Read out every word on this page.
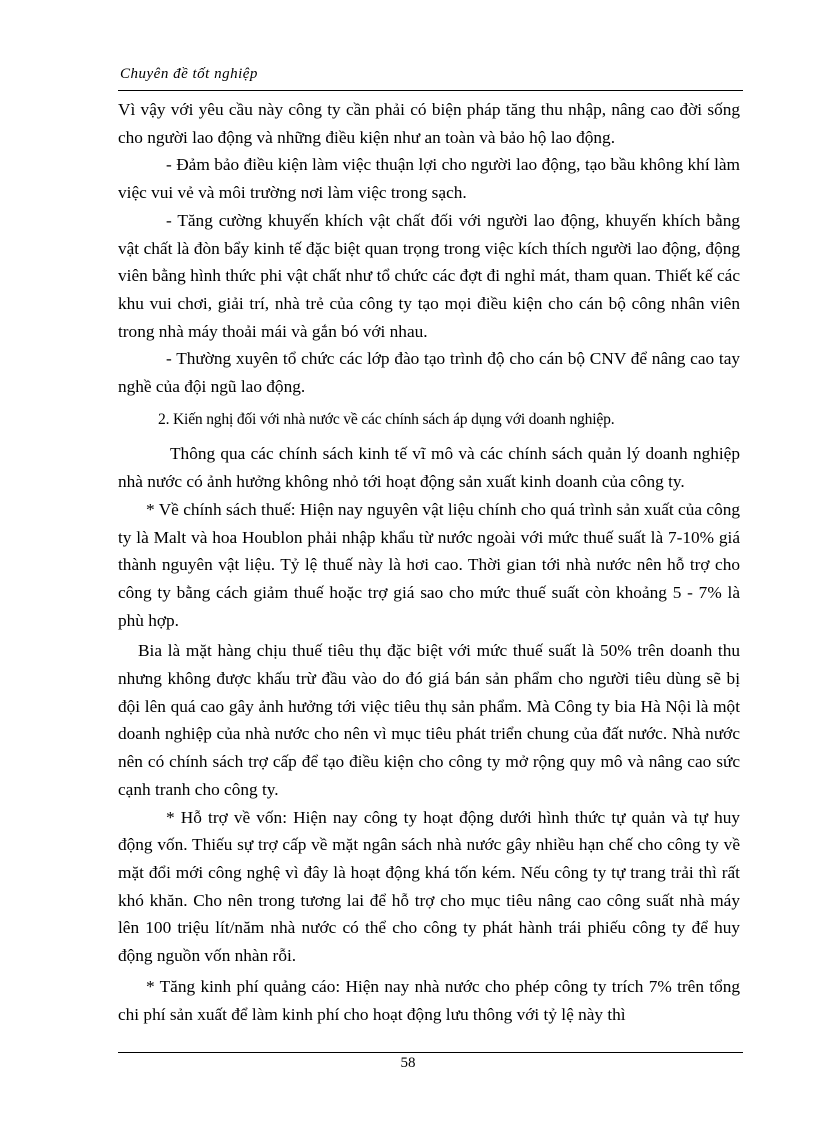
Chuyên đề tốt nghiệp

Vì vậy với yêu cầu này công ty cần phải có biện pháp tăng thu nhập, nâng cao đời sống cho người lao động và những điều kiện như an toàn và bảo hộ lao động.

- Đảm bảo điều kiện làm việc thuận lợi cho người lao động, tạo bầu không khí làm việc vui vẻ và môi trường nơi làm việc trong sạch.

- Tăng cường khuyến khích vật chất đối với người lao động, khuyến khích bằng vật chất là đòn bẩy kinh tế đặc biệt quan trọng trong việc kích thích người lao động, động viên bằng hình thức phi vật chất như tổ chức các đợt đi nghỉ mát, tham quan. Thiết kế các khu vui chơi, giải trí, nhà trẻ của công ty tạo mọi điều kiện cho cán bộ công nhân viên trong nhà máy thoải mái và gắn bó với nhau.

- Thường xuyên tổ chức các lớp đào tạo trình độ cho cán bộ CNV để nâng cao tay nghề của đội ngũ lao động.

2. Kiến nghị đối với nhà nước về các chính sách áp dụng với doanh nghiệp.

Thông qua các chính sách kinh tế vĩ mô và các chính sách quản lý doanh nghiệp nhà nước có ảnh hưởng không nhỏ tới hoạt động sản xuất kinh doanh của công ty.

* Về chính sách thuế: Hiện nay nguyên vật liệu chính cho quá trình sản xuất của công ty là Malt và hoa Houblon phải nhập khẩu từ nước ngoài với mức thuế suất là 7-10% giá thành nguyên vật liệu. Tỷ lệ thuế này là hơi cao. Thời gian tới nhà nước nên hỗ trợ cho công ty bằng cách giảm thuế hoặc trợ giá sao cho mức thuế suất còn khoảng 5 - 7% là phù hợp.

Bia là mặt hàng chịu thuế tiêu thụ đặc biệt với mức thuế suất là 50% trên doanh thu nhưng không được khấu trừ đầu vào do đó giá bán sản phẩm cho người tiêu dùng sẽ bị đội lên quá cao gây ảnh hưởng tới việc tiêu thụ sản phẩm. Mà Công ty bia Hà Nội là một doanh nghiệp của nhà nước cho nên vì mục tiêu phát triển chung của đất nước. Nhà nước nên có chính sách trợ cấp để tạo điều kiện cho công ty mở rộng quy mô và nâng cao sức cạnh tranh cho công ty.

* Hỗ trợ về vốn: Hiện nay công ty hoạt động dưới hình thức tự quản và tự huy động vốn. Thiếu sự trợ cấp về mặt ngân sách nhà nước gây nhiều hạn chế cho công ty về mặt đổi mới công nghệ vì đây là hoạt động khá tốn kém. Nếu công ty tự trang trải thì rất khó khăn. Cho nên trong tương lai để hỗ trợ cho mục tiêu nâng cao công suất nhà máy lên 100 triệu lít/năm nhà nước có thể cho công ty phát hành trái phiếu công ty để huy động nguồn vốn nhàn rỗi.

* Tăng kinh phí quảng cáo: Hiện nay nhà nước cho phép công ty trích 7% trên tổng chi phí sản xuất để làm kinh phí cho hoạt động lưu thông với tỷ lệ này thì

58
